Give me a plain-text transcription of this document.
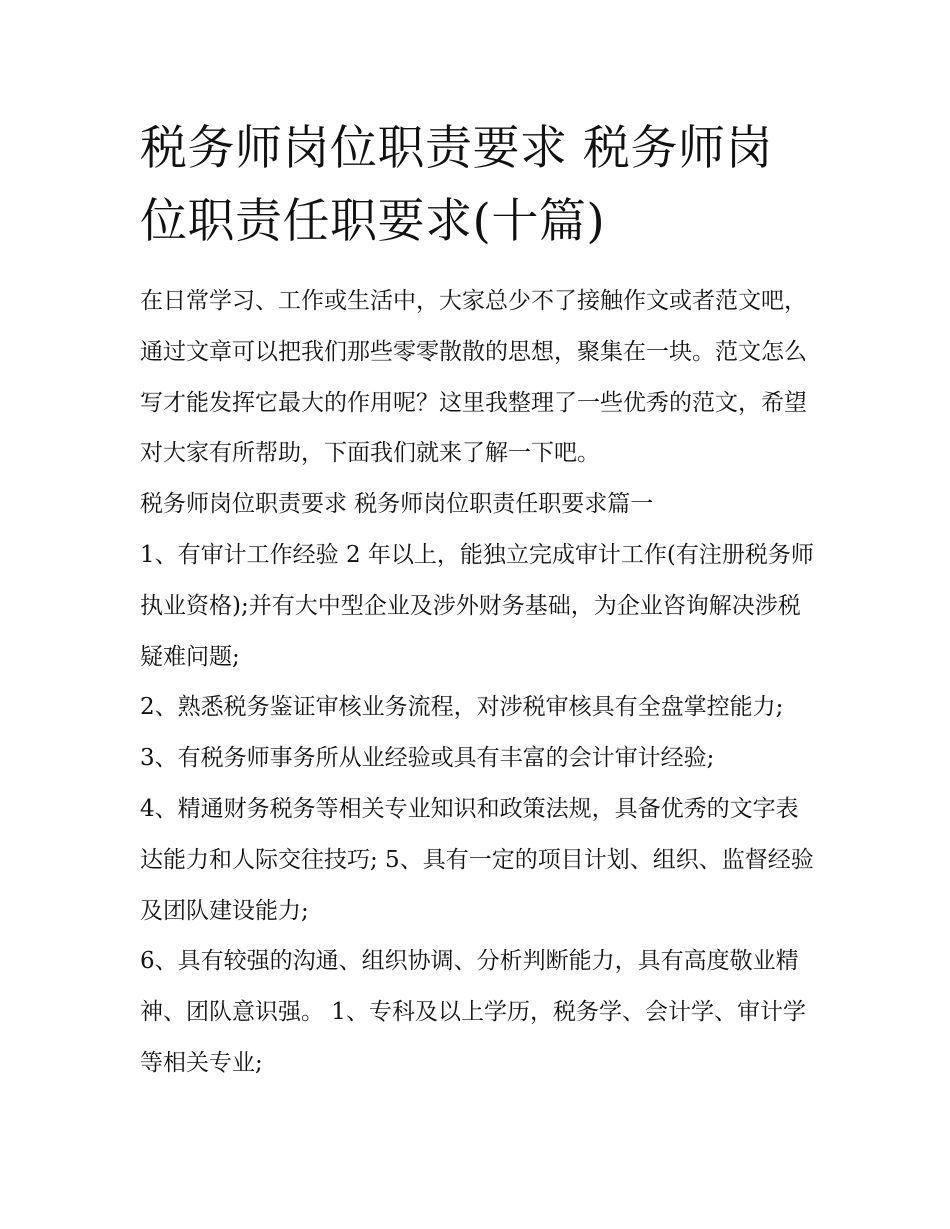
税务师岗位职责要求 税务师岗位职责任职要求(十篇)

在日常学习、工作或生活中，大家总少不了接触作文或者范文吧，通过文章可以把我们那些零零散散的思想，聚集在一块。范文怎么写才能发挥它最大的作用呢？这里我整理了一些优秀的范文，希望对大家有所帮助，下面我们就来了解一下吧。

税务师岗位职责要求 税务师岗位职责任职要求篇一

1、有审计工作经验 2 年以上，能独立完成审计工作(有注册税务师执业资格);并有大中型企业及涉外财务基础，为企业咨询解决涉税疑难问题;

2、熟悉税务鉴证审核业务流程，对涉税审核具有全盘掌控能力; 3、有税务师事务所从业经验或具有丰富的会计审计经验;

4、精通财务税务等相关专业知识和政策法规，具备优秀的文字表达能力和人际交往技巧; 5、具有一定的项目计划、组织、监督经验及团队建设能力;

6、具有较强的沟通、组织协调、分析判断能力，具有高度敬业精神、团队意识强。 1、专科及以上学历，税务学、会计学、审计学等相关专业;
